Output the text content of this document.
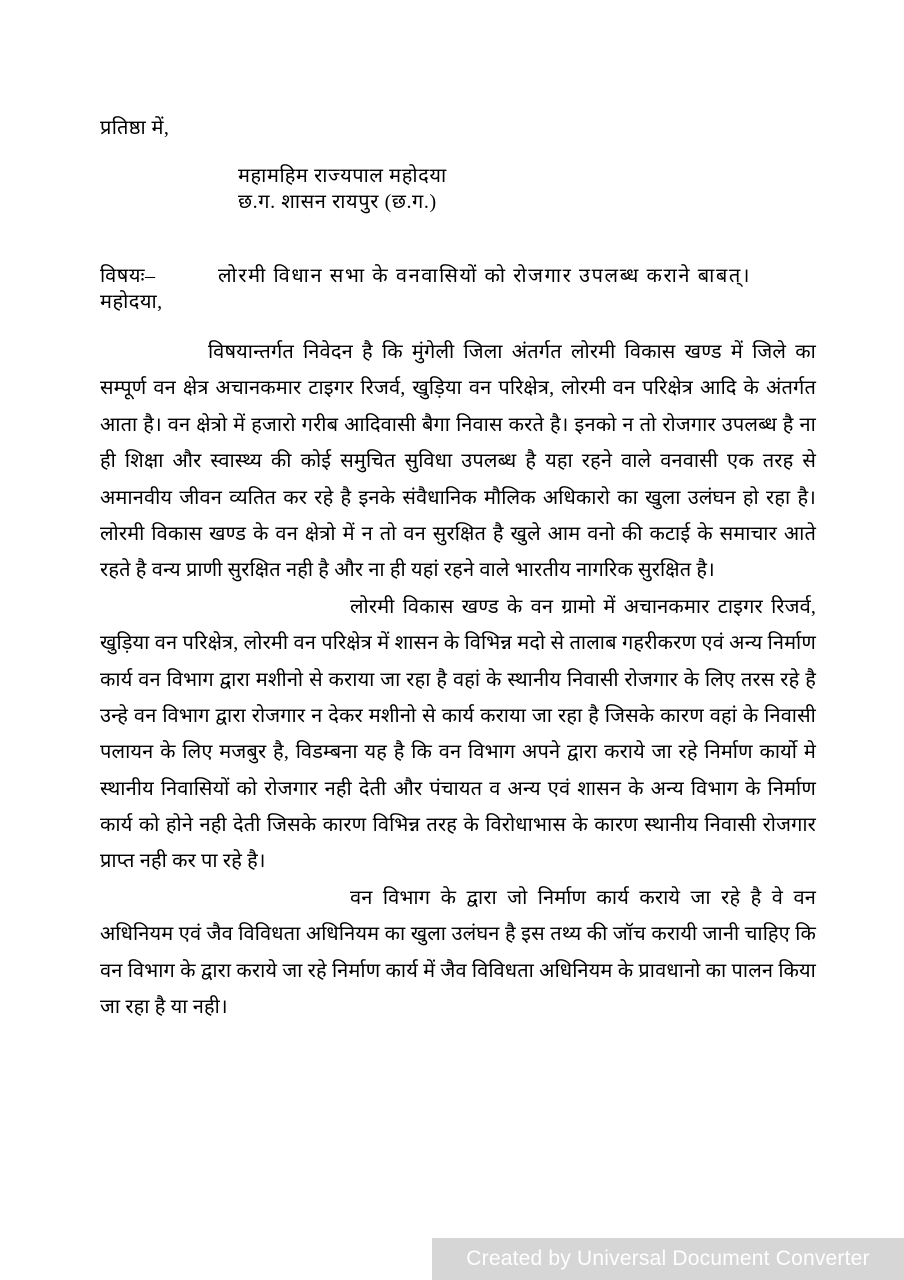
प्रतिष्ठा में,
महामहिम राज्यपाल महोदया
छ.ग. शासन रायपुर (छ.ग.)
विषयः–	लोरमी विधान सभा के वनवासियों को रोजगार उपलब्ध कराने बाबत्।
महोदया,

विषयान्तर्गत निवेदन है कि मुंगेली जिला अंतर्गत लोरमी विकास खण्ड में जिले का सम्पूर्ण वन क्षेत्र अचानकमार टाइगर रिजर्व, खुड़िया वन परिक्षेत्र, लोरमी वन परिक्षेत्र आदि के अंतर्गत आता है। वन क्षेत्रो में हजारो गरीब आदिवासी बैगा निवास करते है। इनको न तो रोजगार उपलब्ध है ना ही शिक्षा और स्वास्थ्य की कोई समुचित सुविधा उपलब्ध है यहा रहने वाले वनवासी एक तरह से अमानवीय जीवन व्यतित कर रहे है इनके संवैधानिक मौलिक अधिकारो का खुला उलंघन हो रहा है। लोरमी विकास खण्ड के वन क्षेत्रो में न तो वन सुरक्षित है खुले आम वनो की कटाई के समाचार आते रहते है वन्य प्राणी सुरक्षित नही है और ना ही यहां रहने वाले भारतीय नागरिक सुरक्षित है।

लोरमी विकास खण्ड के वन ग्रामो में अचानकमार टाइगर रिजर्व, खुड़िया वन परिक्षेत्र, लोरमी वन परिक्षेत्र में शासन के विभिन्न मदो से तालाब गहरीकरण एवं अन्य निर्माण कार्य वन विभाग द्वारा मशीनो से कराया जा रहा है वहां के स्थानीय निवासी रोजगार के लिए तरस रहे है उन्हे वन विभाग द्वारा रोजगार न देकर मशीनो से कार्य कराया जा रहा है जिसके कारण वहां के निवासी पलायन के लिए मजबुर है, विडम्बना यह है कि वन विभाग अपने द्वारा कराये जा रहे निर्माण कार्यो मे स्थानीय निवासियों को रोजगार नही देती और पंचायत व अन्य एवं शासन के अन्य विभाग के निर्माण कार्य को होने नही देती जिसके कारण विभिन्न तरह के विरोधाभास के कारण स्थानीय निवासी रोजगार प्राप्त नही कर पा रहे है।

वन विभाग के द्वारा जो निर्माण कार्य कराये जा रहे है वे वन अधिनियम एवं जैव विविधता अधिनियम का खुला उलंघन है इस तथ्य की जॉच करायी जानी चाहिए कि वन विभाग के द्वारा कराये जा रहे निर्माण कार्य में जैव विविधता अधिनियम के प्रावधानो का पालन किया जा रहा है या नही।

Created by Universal Document Converter
